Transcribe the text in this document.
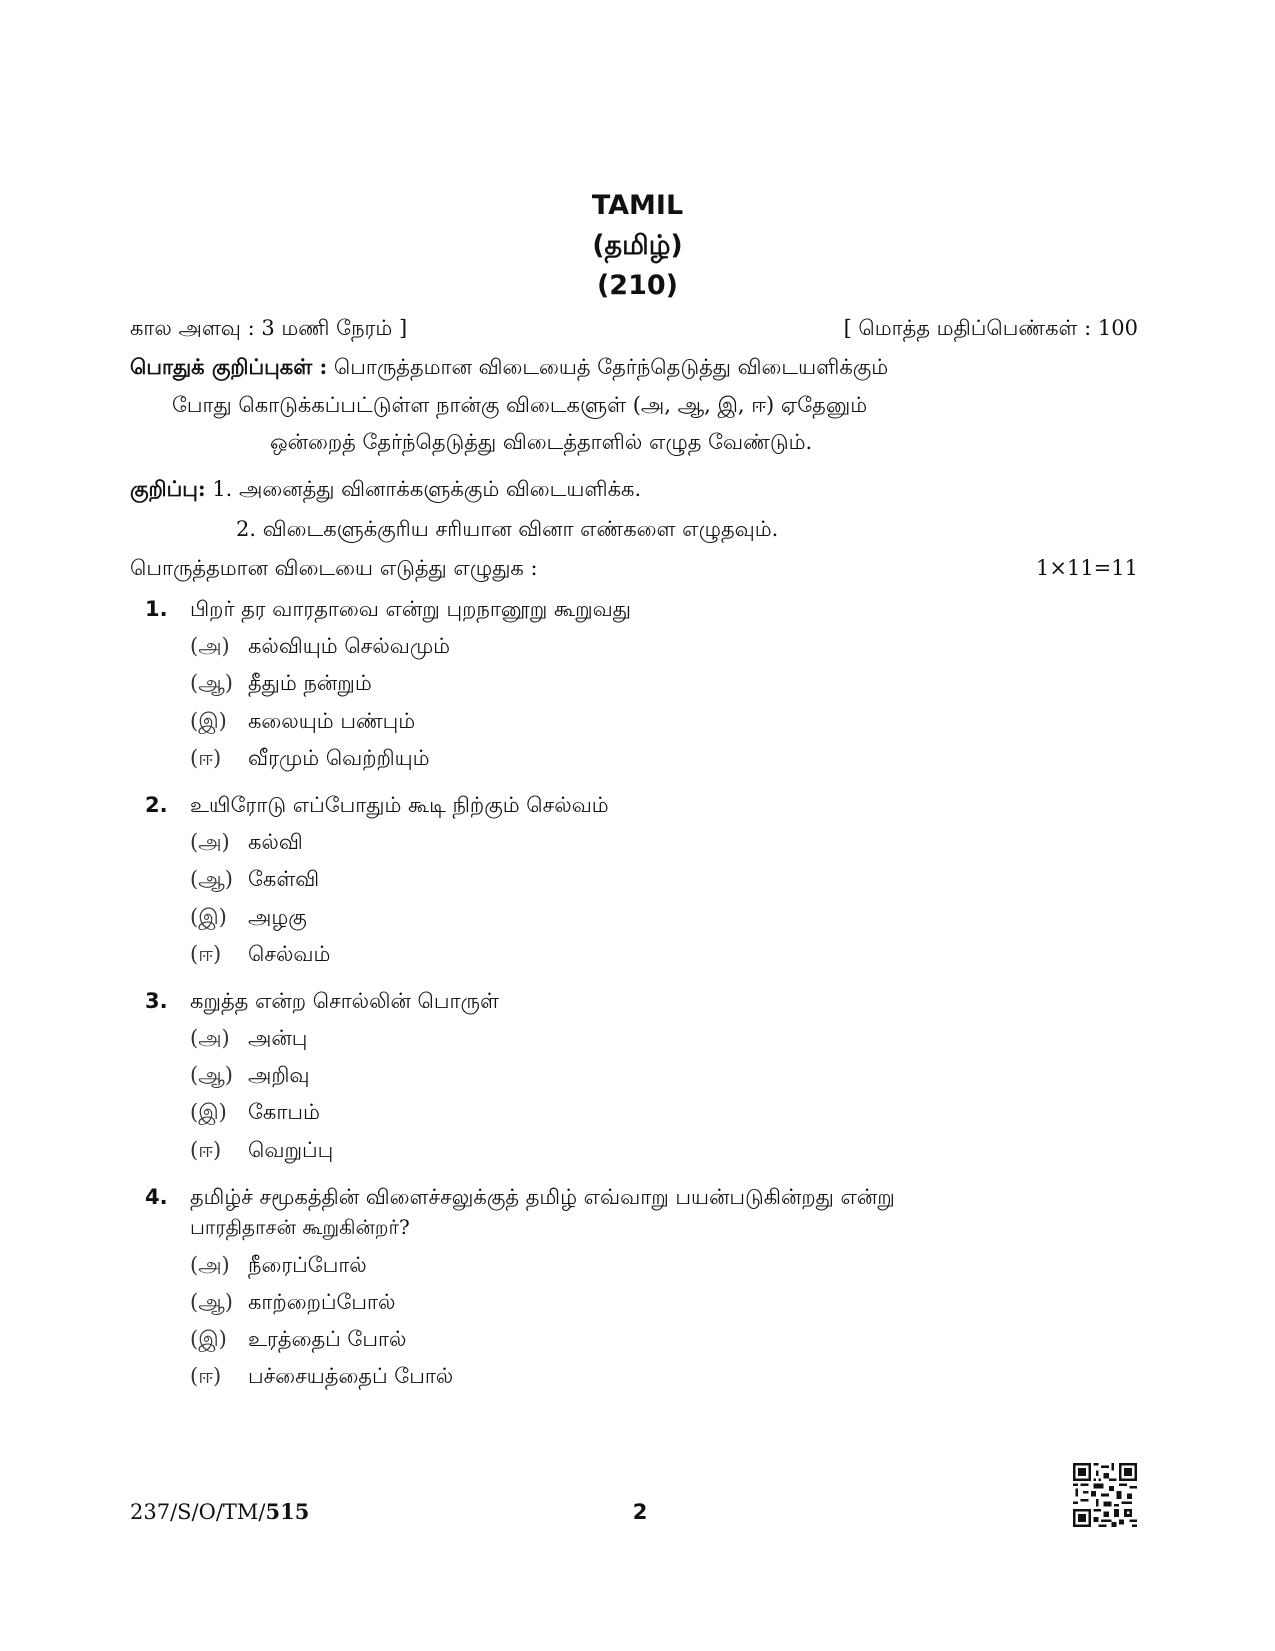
TAMIL
(தமிழ்)
(210)
கால அளவு : 3 மணி நேரம் ]	[ மொத்த மதிப்பெண்கள் : 100
பொதுக் குறிப்புகள் : பொருத்தமான விடையைத் தேர்ந்தெடுத்து விடையளிக்கும்
போது கொடுக்கப்பட்டுள்ள நான்கு விடைகளுள் (அ, ஆ, இ, ஈ) ஏதேனும்
ஒன்றைத் தேர்ந்தெடுத்து விடைத்தாளில் எழுத வேண்டும்.
குறிப்பு: 1. அனைத்து வினாக்களுக்கும் விடையளிக்க.
2. விடைகளுக்குரிய சரியான வினா எண்களை எழுதவும்.
பொருத்தமான விடையை எடுத்து எழுதுக :	1×11=11
1. பிறர் தர வாரதாவை என்று புறநானூறு கூறுவது
(அ) கல்வியும் செல்வமும்
(ஆ) தீதும் நன்றும்
(இ) கலையும் பண்பும்
(ஈ) வீரமும் வெற்றியும்
2. உயிரோடு எப்போதும் கூடி நிற்கும் செல்வம்
(அ) கல்வி
(ஆ) கேள்வி
(இ) அழகு
(ஈ) செல்வம்
3. கறுத்த என்ற சொல்லின் பொருள்
(அ) அன்பு
(ஆ) அறிவு
(இ) கோபம்
(ஈ) வெறுப்பு
4. தமிழ்ச் சமூகத்தின் விளைச்சலுக்குத் தமிழ் எவ்வாறு பயன்படுகின்றது என்று
பாரதிதாசன் கூறுகின்றர்?
(அ) நீரைப்போல்
(ஆ) காற்றைப்போல்
(இ) உரத்தைப் போல்
(ஈ) பச்சையத்தைப் போல்
237/S/O/TM/515	2
